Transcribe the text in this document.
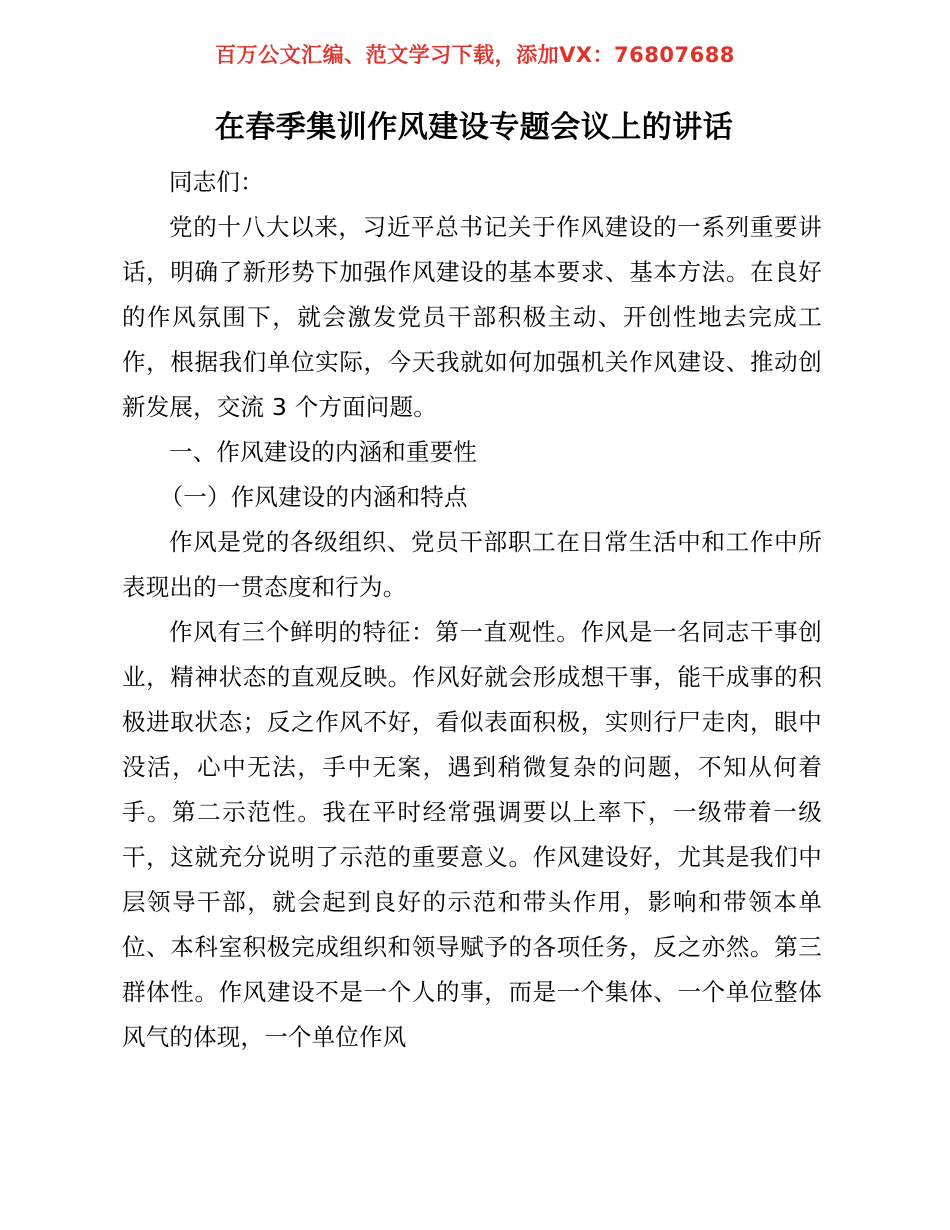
百万公文汇编、范文学习下载，添加VX：76807688
在春季集训作风建设专题会议上的讲话

同志们：

党的十八大以来，习近平总书记关于作风建设的一系列重要讲话，明确了新形势下加强作风建设的基本要求、基本方法。在良好的作风氛围下，就会激发党员干部积极主动、开创性地去完成工作，根据我们单位实际，今天我就如何加强机关作风建设、推动创新发展，交流 3 个方面问题。

一、作风建设的内涵和重要性

（一）作风建设的内涵和特点

作风是党的各级组织、党员干部职工在日常生活中和工作中所表现出的一贯态度和行为。

作风有三个鲜明的特征：第一直观性。作风是一名同志干事创业，精神状态的直观反映。作风好就会形成想干事，能干成事的积极进取状态；反之作风不好，看似表面积极，实则行尸走肉，眼中没活，心中无法，手中无案，遇到稍微复杂的问题，不知从何着手。第二示范性。我在平时经常强调要以上率下，一级带着一级干，这就充分说明了示范的重要意义。作风建设好，尤其是我们中层领导干部，就会起到良好的示范和带头作用，影响和带领本单位、本科室积极完成组织和领导赋予的各项任务，反之亦然。第三群体性。作风建设不是一个人的事，而是一个集体、一个单位整体风气的体现，一个单位作风
